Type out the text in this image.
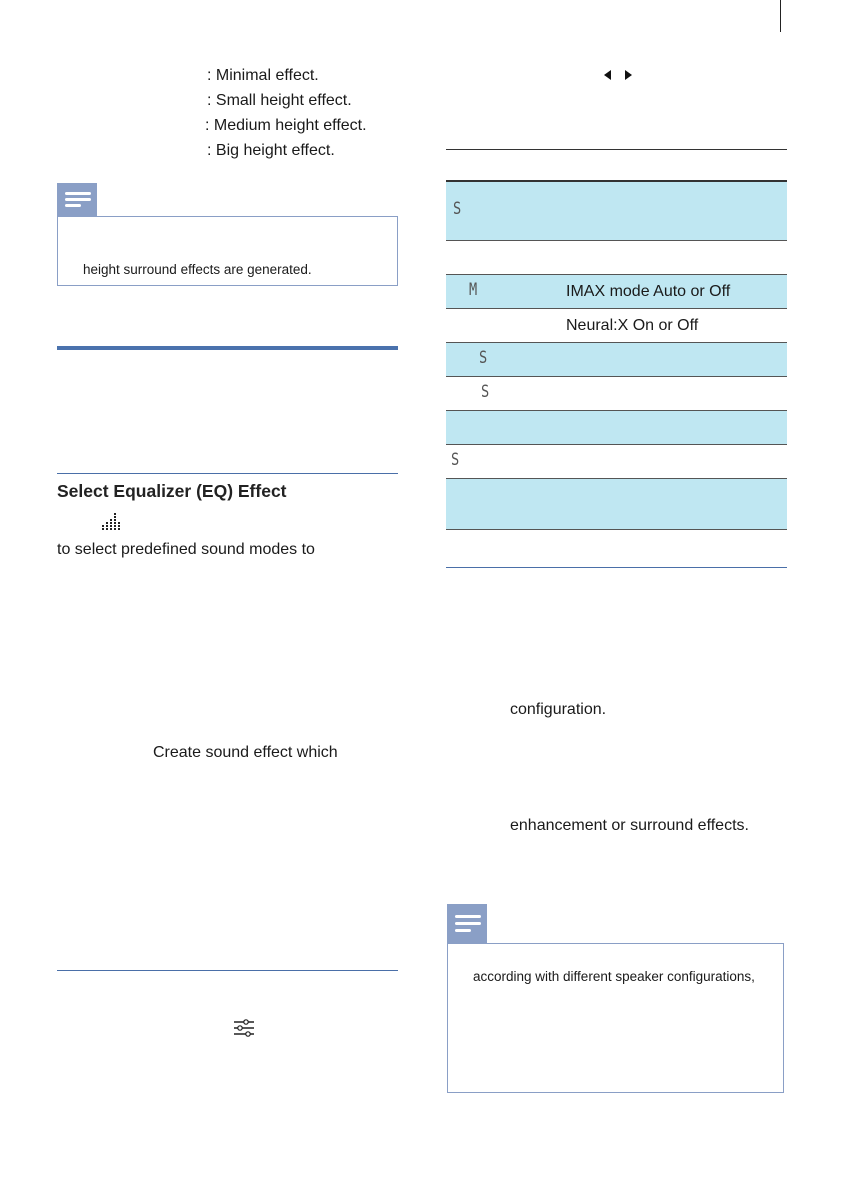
: Minimal effect.
: Small height effect.
: Medium height effect.
: Big height effect.
height surround effects are generated.
Select Equalizer (EQ) Effect
to select predefined sound modes to
Create sound effect which
S
M	IMAX mode Auto or Off
Neural:X On or Off
S
S
S
configuration.
enhancement or surround effects.
according with different speaker configurations,
